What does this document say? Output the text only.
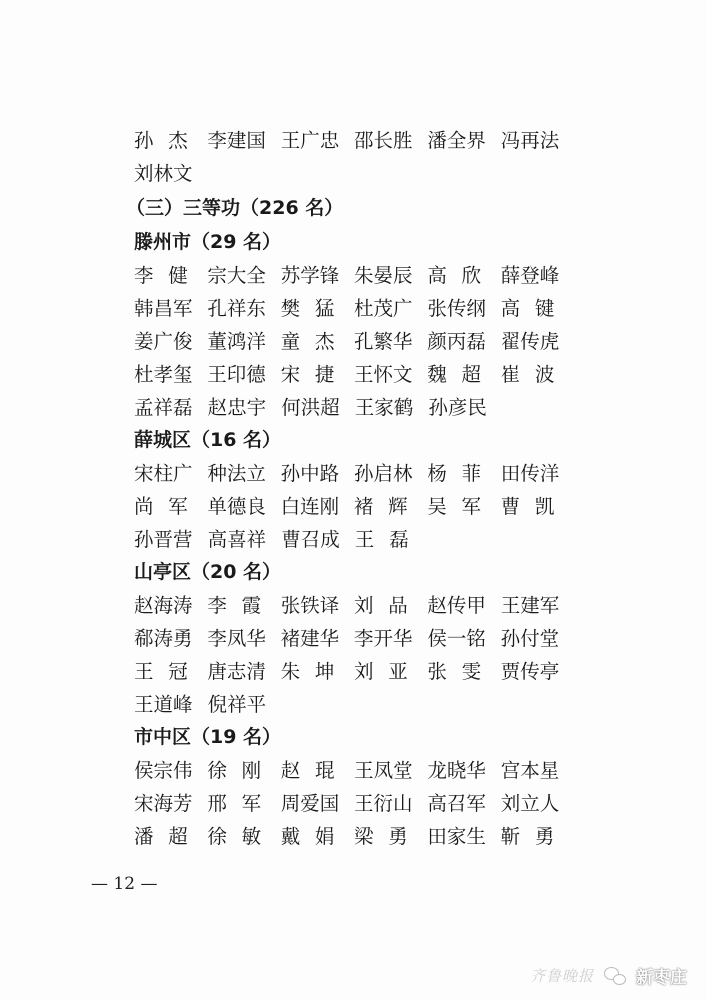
孙 杰 李建国 王广忠 邵长胜 潘全界 冯再法
刘林文
（三）三等功（226 名）
滕州市（29 名）
李 健 宗大全 苏学锋 朱晏辰 高 欣 薛登峰
韩昌军 孔祥东 樊 猛 杜茂广 张传纲 高 键
姜广俊 董鸿洋 童 杰 孔繁华 颜丙磊 翟传虎
杜孝玺 王印德 宋 捷 王怀文 魏 超 崔 波
孟祥磊 赵忠宇 何洪超 王家鹤 孙彦民
薛城区（16 名）
宋柱广 种法立 孙中路 孙启林 杨 菲 田传洋
尚 军 单德良 白连刚 褚 辉 吴 军 曹 凯
孙晋营 高喜祥 曹召成 王 磊
山亭区（20 名）
赵海涛 李 霞 张铁译 刘 品 赵传甲 王建军
郗涛勇 李凤华 褚建华 李开华 侯一铭 孙付堂
王 冠 唐志清 朱 坤 刘 亚 张 雯 贾传亭
王道峰 倪祥平
市中区（19 名）
侯宗伟 徐 刚 赵 琨 王凤堂 龙晓华 宫本星
宋海芳 邢 军 周爱国 王衍山 高召军 刘立人
潘 超 徐 敏 戴 娟 梁 勇 田家生 靳 勇
— 12 —
齐鲁晚报 新枣庄
